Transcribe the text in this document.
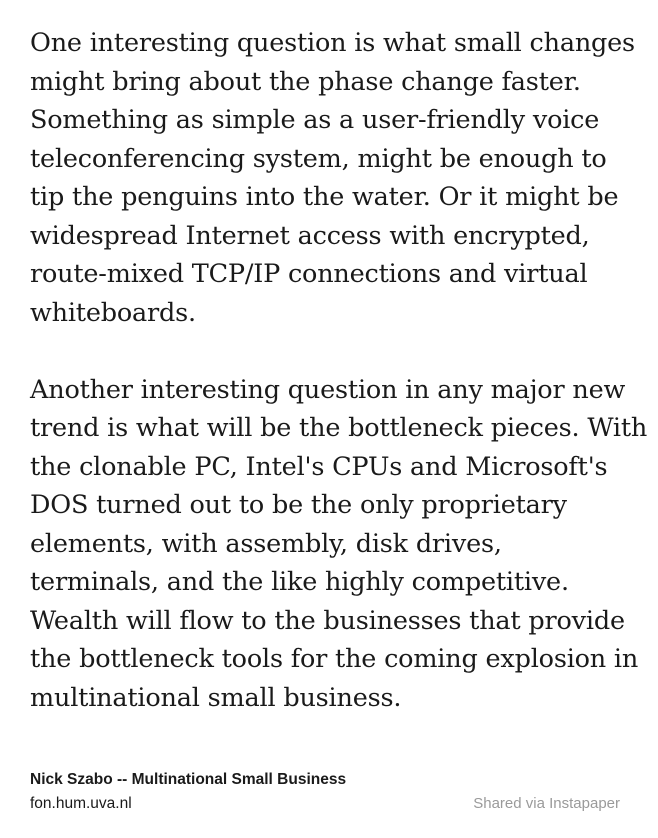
One interesting question is what small changes
might bring about the phase change faster.
Something as simple as a user-friendly voice
teleconferencing system, might be enough to
tip the penguins into the water. Or it might be
widespread Internet access with encrypted,
route-mixed TCP/IP connections and virtual
whiteboards.

Another interesting question in any major new
trend is what will be the bottleneck pieces. With
the clonable PC, Intel's CPUs and Microsoft's
DOS turned out to be the only proprietary
elements, with assembly, disk drives,
terminals, and the like highly competitive.
Wealth will flow to the businesses that provide
the bottleneck tools for the coming explosion in
multinational small business.

Nick Szabo -- Multinational Small Business
fon.hum.uva.nl	Shared via Instapaper
